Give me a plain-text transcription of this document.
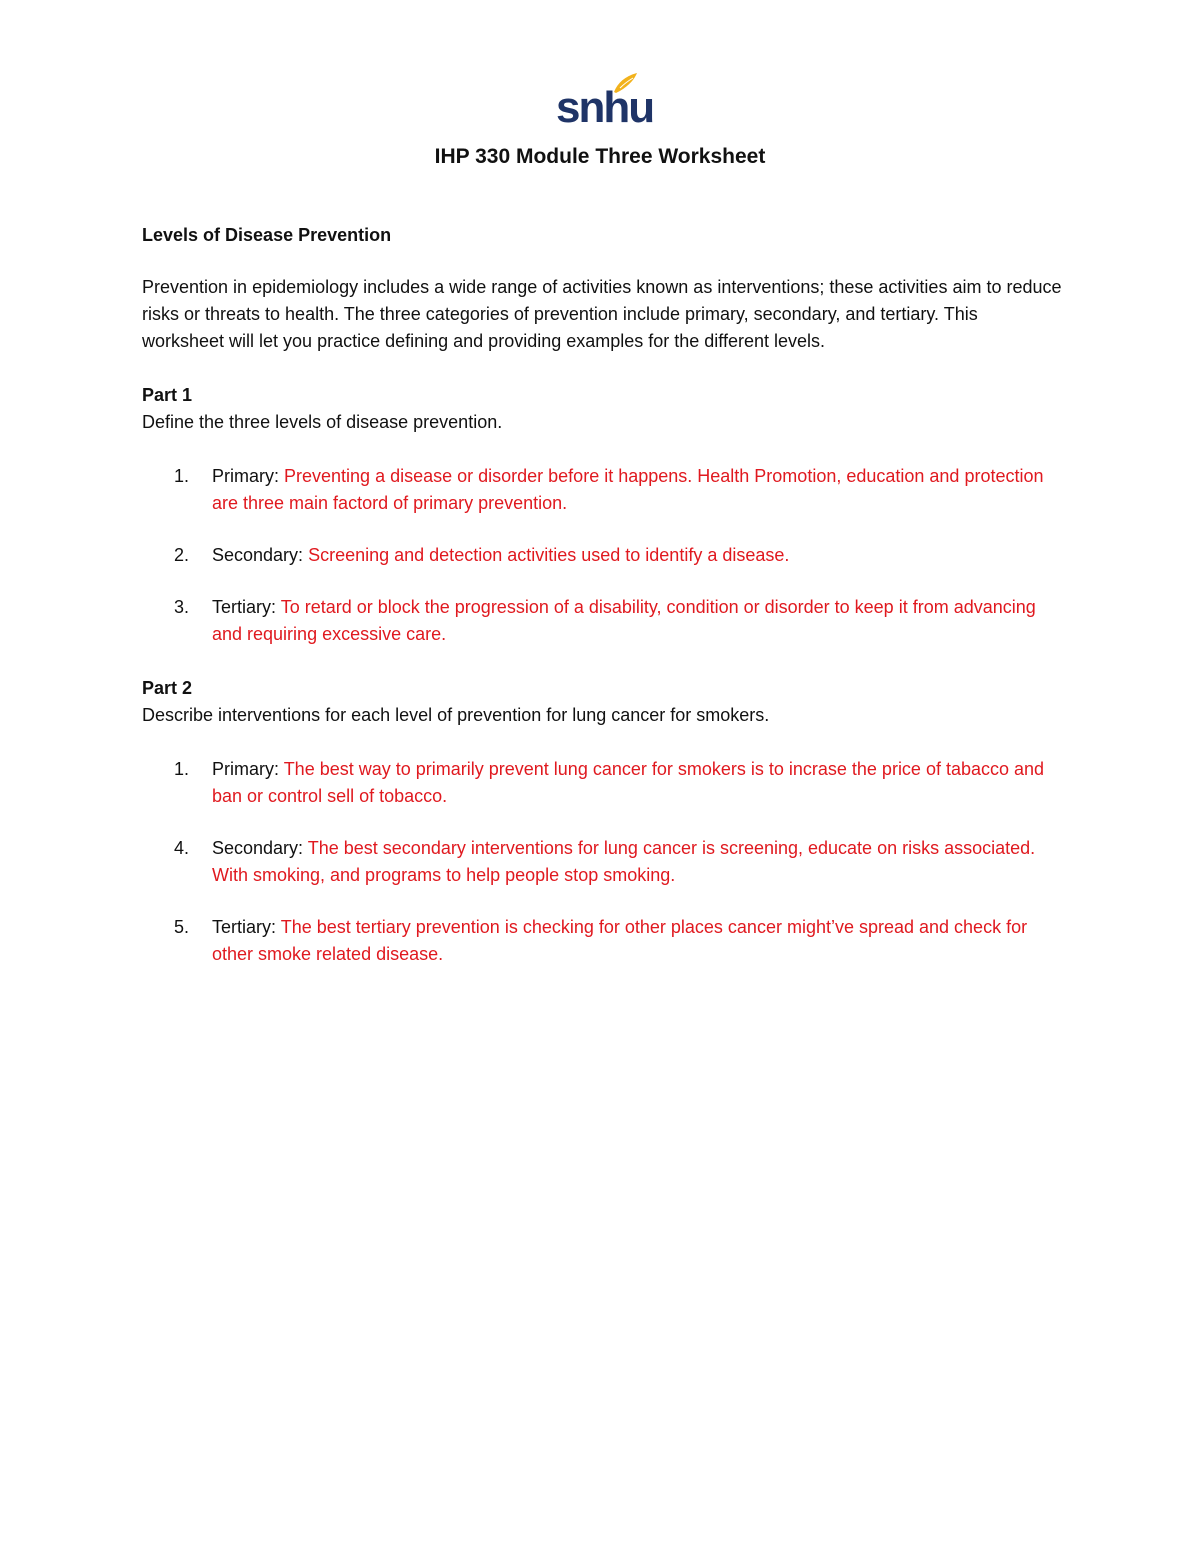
snhu
IHP 330 Module Three Worksheet

Levels of Disease Prevention

Prevention in epidemiology includes a wide range of activities known as interventions; these activities aim to reduce risks or threats to health. The three categories of prevention include primary, secondary, and tertiary. This worksheet will let you practice defining and providing examples for the different levels.

Part 1

Define the three levels of disease prevention.

1. Primary: Preventing a disease or disorder before it happens. Health Promotion, education and protection are three main factord of primary prevention.
2. Secondary: Screening and detection activities used to identify a disease.
3. Tertiary: To retard or block the progression of a disability, condition or disorder to keep it from advancing and requiring excessive care.

Part 2

Describe interventions for each level of prevention for lung cancer for smokers.

1. Primary: The best way to primarily prevent lung cancer for smokers is to incrase the price of tabacco and ban or control sell of tobacco.
4. Secondary: The best secondary interventions for lung cancer is screening, educate on risks associated. With smoking, and programs to help people stop smoking.
5. Tertiary: The best tertiary prevention is checking for other places cancer might’ve spread and check for other smoke related disease.
